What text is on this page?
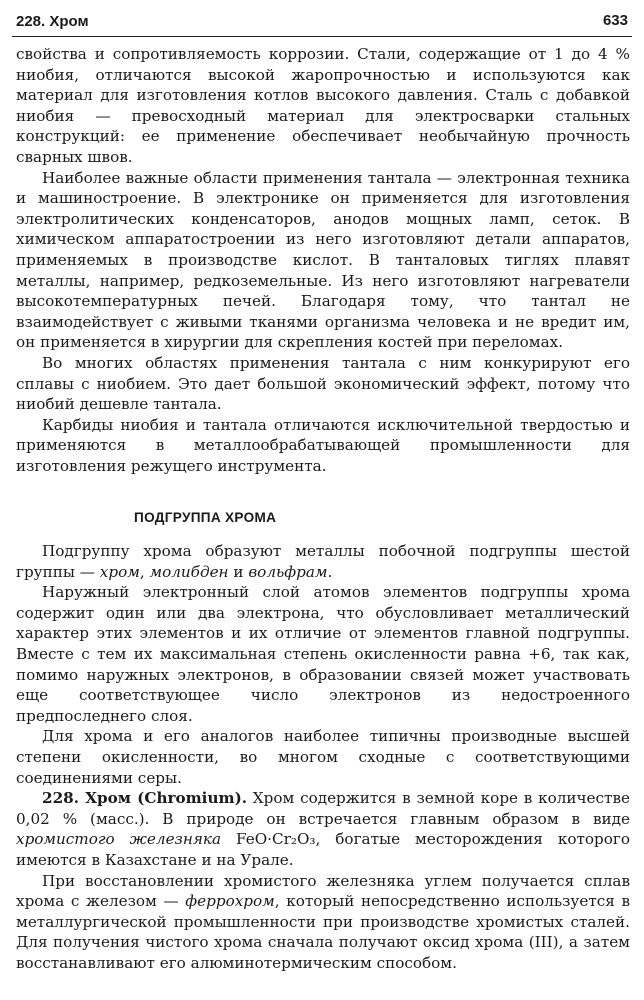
228. Хром	633

свойства и сопротивляемость коррозии. Стали, содержащие от 1 до 4 % ниобия, отличаются высокой жаропрочностью и используются как материал для изготовления котлов высокого давления. Сталь с добавкой ниобия — превосходный материал для электросварки стальных конструкций: ее применение обеспечивает необычайную прочность сварных швов.

Наиболее важные области применения тантала — электронная техника и машиностроение. В электронике он применяется для изготовления электролитических конденсаторов, анодов мощных ламп, сеток. В химическом аппаратостроении из него изготовляют детали аппаратов, применяемых в производстве кислот. В танталовых тиглях плавят металлы, например, редкоземельные. Из него изготовляют нагреватели высокотемпературных печей. Благодаря тому, что тантал не взаимодействует с живыми тканями организма человека и не вредит им, он применяется в хирургии для скрепления костей при переломах.

Во многих областях применения тантала с ним конкурируют его сплавы с ниобием. Это дает большой экономический эффект, потому что ниобий дешевле тантала.

Карбиды ниобия и тантала отличаются исключительной твердостью и применяются в металлообрабатывающей промышленности для изготовления режущего инструмента.

ПОДГРУППА ХРОМА

Подгруппу хрома образуют металлы побочной подгруппы шестой группы — хром, молибден и вольфрам.

Наружный электронный слой атомов элементов подгруппы хрома содержит один или два электрона, что обусловливает металлический характер этих элементов и их отличие от элементов главной подгруппы. Вместе с тем их максимальная степень окисленности равна +6, так как, помимо наружных электронов, в образовании связей может участвовать еще соответствующее число электронов из недостроенного предпоследнего слоя.

Для хрома и его аналогов наиболее типичны производные высшей степени окисленности, во многом сходные с соответствующими соединениями серы.

228. Хром (Chromium). Хром содержится в земной коре в количестве 0,02 % (масс.). В природе он встречается главным образом в виде хромистого железняка FeO·Cr₂O₃, богатые месторождения которого имеются в Казахстане и на Урале.

При восстановлении хромистого железняка углем получается сплав хрома с железом — феррохром, который непосредственно используется в металлургической промышленности при производстве хромистых сталей. Для получения чистого хрома сначала получают оксид хрома (III), а затем восстанавливают его алюминотермическим способом.
